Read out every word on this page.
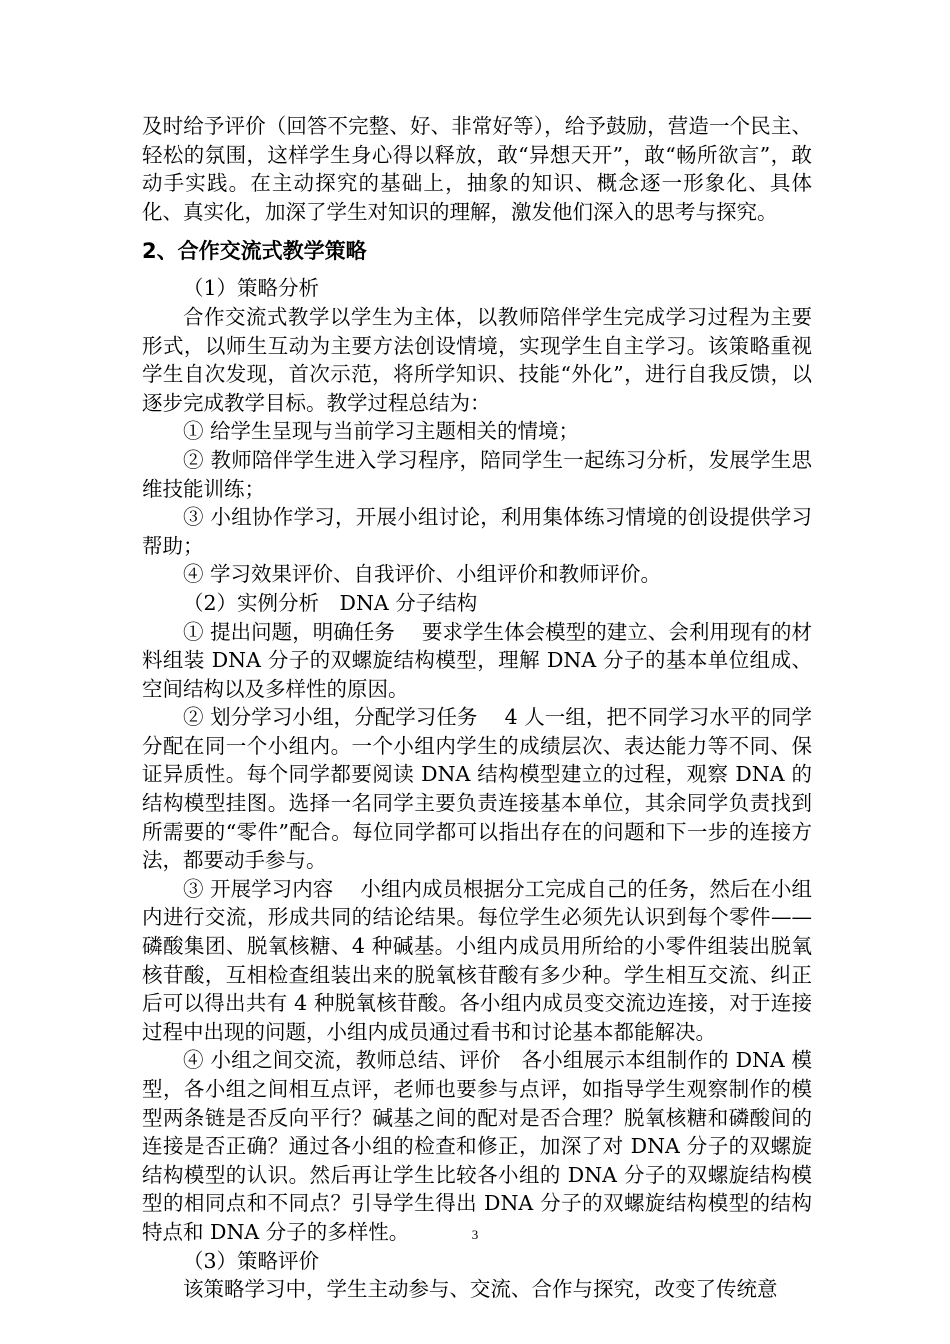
及时给予评价（回答不完整、好、非常好等），给予鼓励，营造一个民主、轻松的氛围，这样学生身心得以释放，敢“异想天开”，敢“畅所欲言”，敢动手实践。在主动探究的基础上，抽象的知识、概念逐一形象化、具体化、真实化，加深了学生对知识的理解，激发他们深入的思考与探究。

2、合作交流式教学策略

（1）策略分析

合作交流式教学以学生为主体，以教师陪伴学生完成学习过程为主要形式，以师生互动为主要方法创设情境，实现学生自主学习。该策略重视学生自次发现，首次示范，将所学知识、技能“外化”，进行自我反馈，以逐步完成教学目标。教学过程总结为：

① 给学生呈现与当前学习主题相关的情境；

② 教师陪伴学生进入学习程序，陪同学生一起练习分析，发展学生思维技能训练；

③ 小组协作学习，开展小组讨论，利用集体练习情境的创设提供学习帮助；

④ 学习效果评价、自我评价、小组评价和教师评价。

（2）实例分析　DNA 分子结构

① 提出问题，明确任务　 要求学生体会模型的建立、会利用现有的材料组装 DNA 分子的双螺旋结构模型，理解 DNA 分子的基本单位组成、空间结构以及多样性的原因。

② 划分学习小组，分配学习任务　 4 人一组，把不同学习水平的同学分配在同一个小组内。一个小组内学生的成绩层次、表达能力等不同、保证异质性。每个同学都要阅读 DNA 结构模型建立的过程，观察 DNA 的结构模型挂图。选择一名同学主要负责连接基本单位，其余同学负责找到所需要的“零件”配合。每位同学都可以指出存在的问题和下一步的连接方法，都要动手参与。

③ 开展学习内容　 小组内成员根据分工完成自己的任务，然后在小组内进行交流，形成共同的结论结果。每位学生必须先认识到每个零件——磷酸集团、脱氧核糖、4 种碱基。小组内成员用所给的小零件组装出脱氧核苷酸，互相检查组装出来的脱氧核苷酸有多少种。学生相互交流、纠正后可以得出共有 4 种脱氧核苷酸。各小组内成员变交流边连接，对于连接过程中出现的问题，小组内成员通过看书和讨论基本都能解决。

④ 小组之间交流，教师总结、评价　各小组展示本组制作的 DNA 模型，各小组之间相互点评，老师也要参与点评，如指导学生观察制作的模型两条链是否反向平行？碱基之间的配对是否合理？脱氧核糖和磷酸间的连接是否正确？通过各小组的检查和修正，加深了对 DNA 分子的双螺旋结构模型的认识。然后再让学生比较各小组的 DNA 分子的双螺旋结构模型的相同点和不同点？引导学生得出 DNA 分子的双螺旋结构模型的结构特点和 DNA 分子的多样性。

（3）策略评价

该策略学习中，学生主动参与、交流、合作与探究，改变了传统意

3
